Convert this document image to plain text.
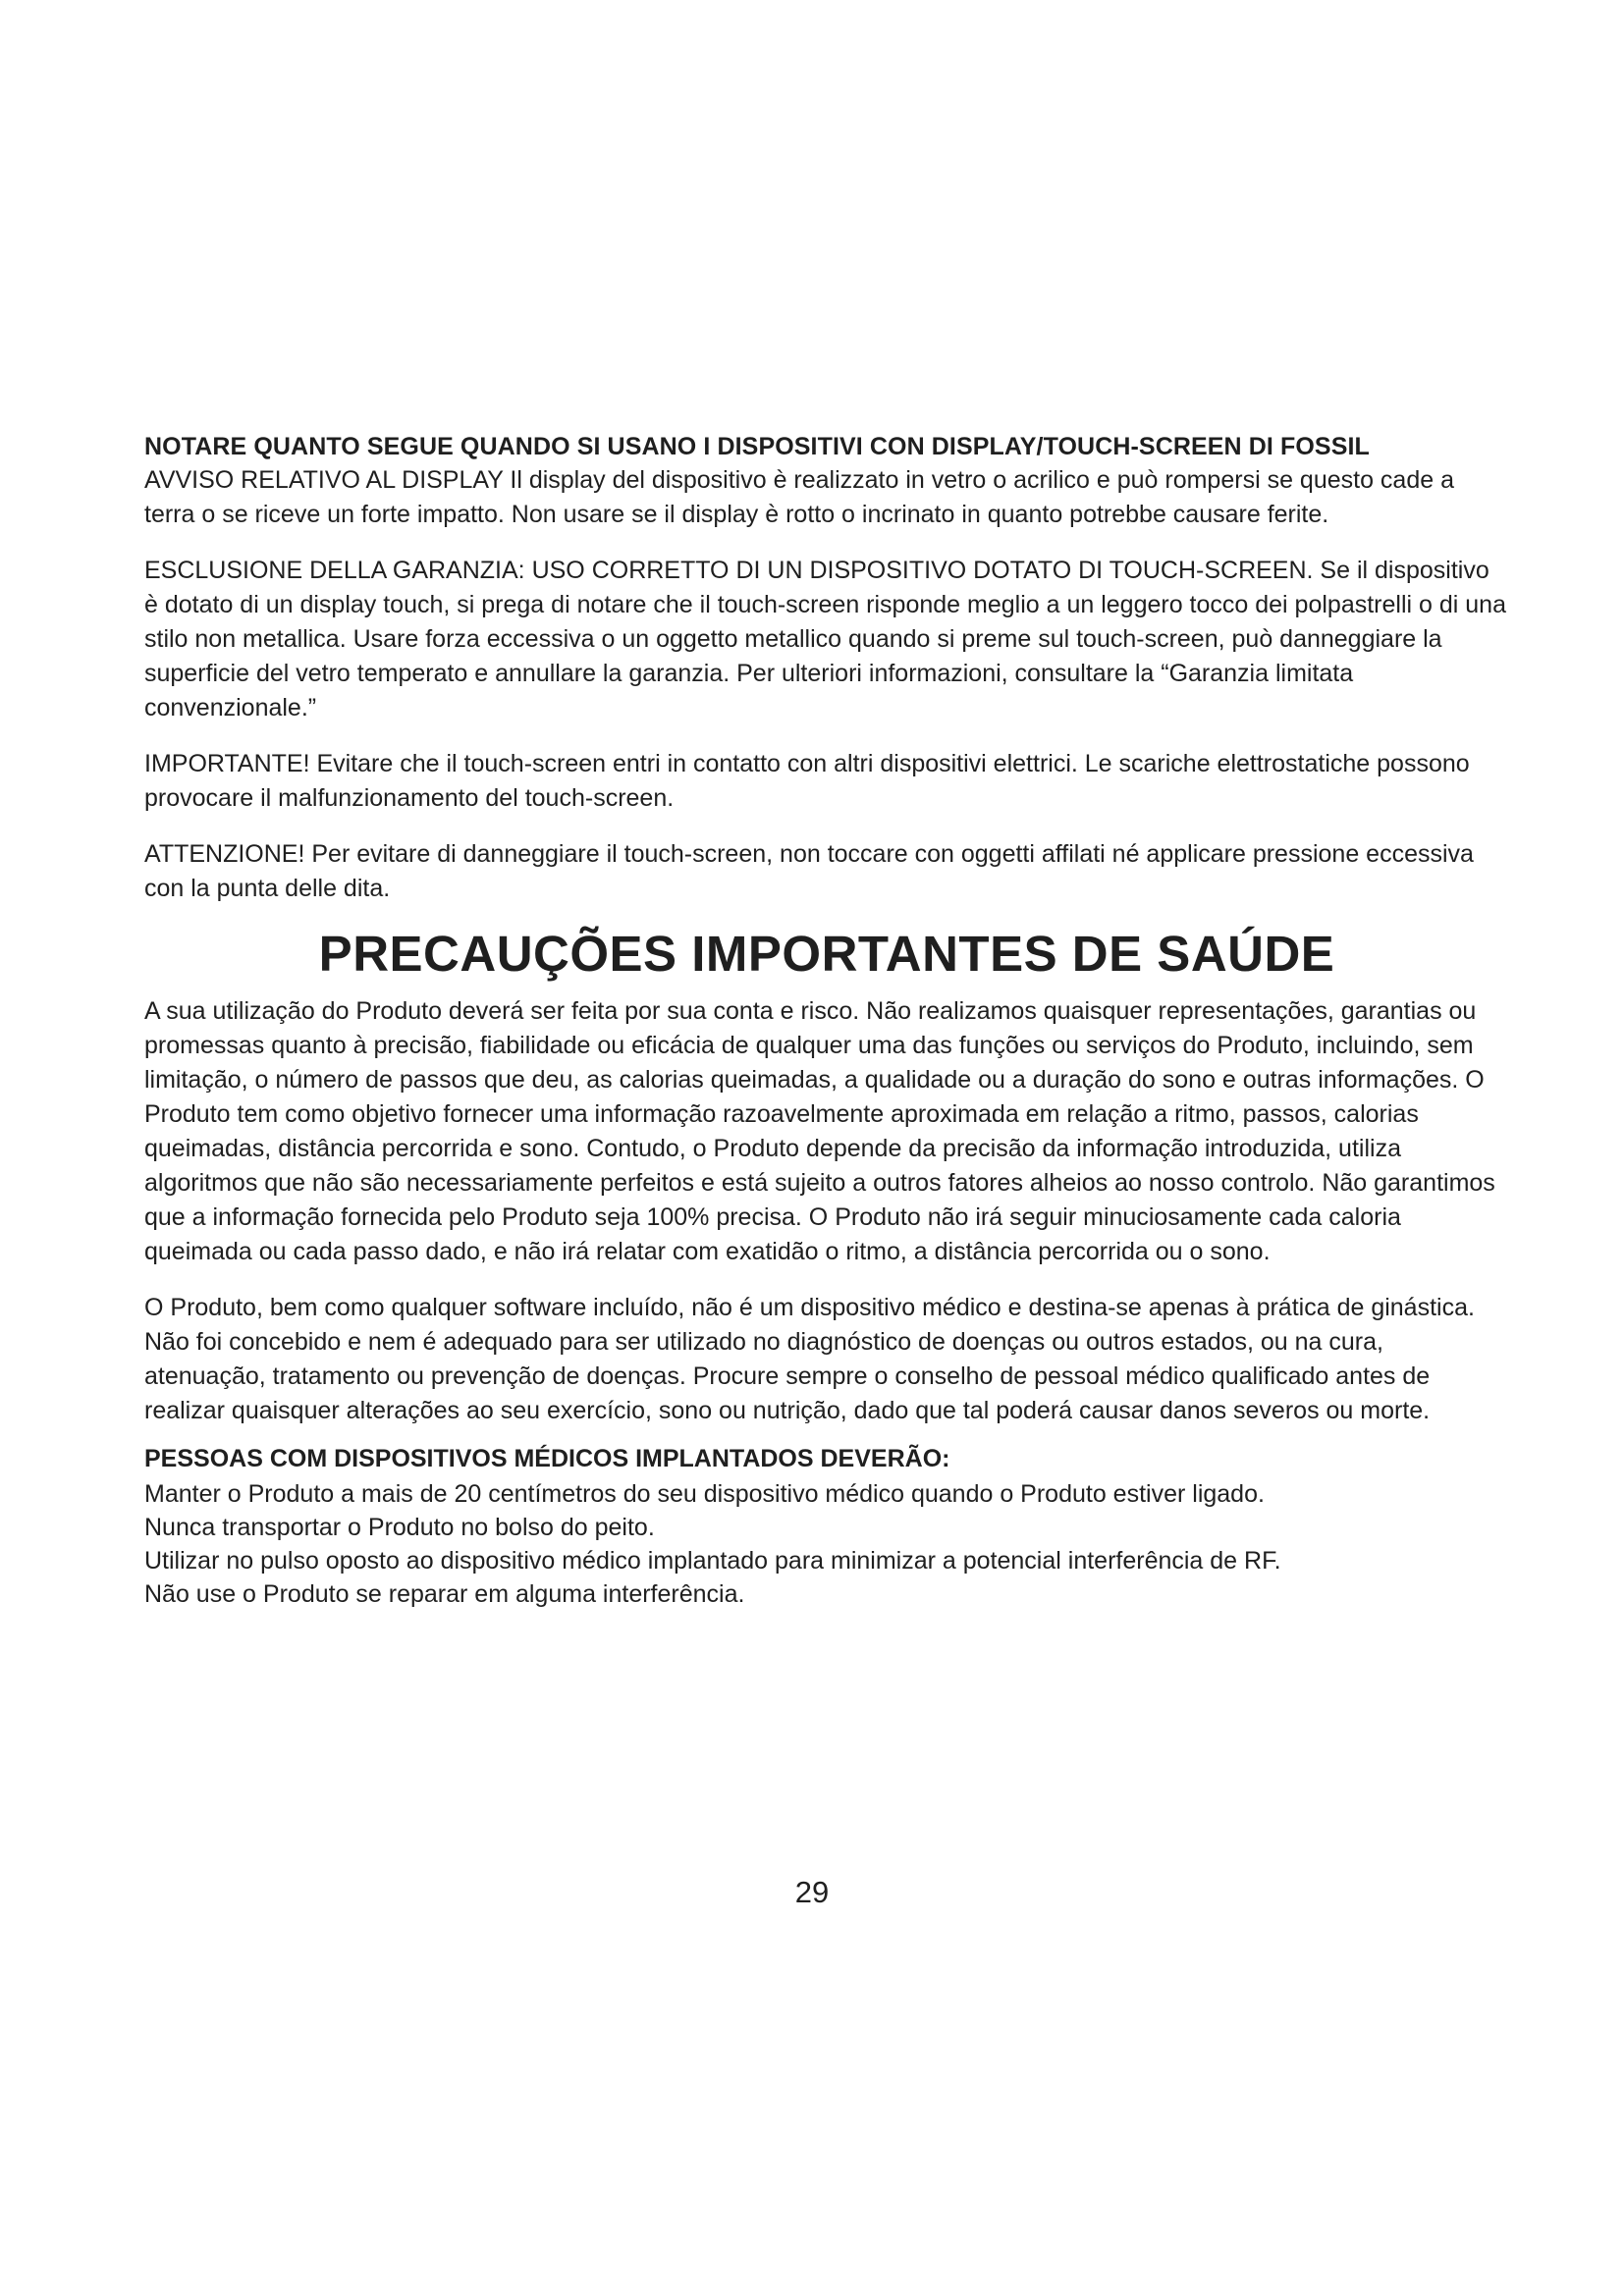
NOTARE QUANTO SEGUE QUANDO SI USANO I DISPOSITIVI CON DISPLAY/TOUCH-SCREEN DI FOSSIL

AVVISO RELATIVO AL DISPLAY Il display del dispositivo è realizzato in vetro o acrilico e può rompersi se questo cade a terra o se riceve un forte impatto. Non usare se il display è rotto o incrinato in quanto potrebbe causare ferite.

ESCLUSIONE DELLA GARANZIA: USO CORRETTO DI UN DISPOSITIVO DOTATO DI TOUCH-SCREEN. Se il dispositivo è dotato di un display touch, si prega di notare che il touch-screen risponde meglio a un leggero tocco dei polpastrelli o di una stilo non metallica. Usare forza eccessiva o un oggetto metallico quando si preme sul touch-screen, può danneggiare la superficie del vetro temperato e annullare la garanzia. Per ulteriori informazioni, consultare la “Garanzia limitata convenzionale.”

IMPORTANTE! Evitare che il touch-screen entri in contatto con altri dispositivi elettrici. Le scariche elettrostatiche possono provocare il malfunzionamento del touch-screen.

ATTENZIONE! Per evitare di danneggiare il touch-screen, non toccare con oggetti affilati né applicare pressione eccessiva con la punta delle dita.

PRECAUÇÕES IMPORTANTES DE SAÚDE

A sua utilização do Produto deverá ser feita por sua conta e risco. Não realizamos quaisquer representações, garantias ou promessas quanto à precisão, fiabilidade ou eficácia de qualquer uma das funções ou serviços do Produto, incluindo, sem limitação, o número de passos que deu, as calorias queimadas, a qualidade ou a duração do sono e outras informações. O Produto tem como objetivo fornecer uma informação razoavelmente aproximada em relação a ritmo, passos, calorias queimadas, distância percorrida e sono. Contudo, o Produto depende da precisão da informação introduzida, utiliza algoritmos que não são necessariamente perfeitos e está sujeito a outros fatores alheios ao nosso controlo. Não garantimos que a informação fornecida pelo Produto seja 100% precisa. O Produto não irá seguir minuciosamente cada caloria queimada ou cada passo dado, e não irá relatar com exatidão o ritmo, a distância percorrida ou o sono.

O Produto, bem como qualquer software incluído, não é um dispositivo médico e destina-se apenas à prática de ginástica. Não foi concebido e nem é adequado para ser utilizado no diagnóstico de doenças ou outros estados, ou na cura, atenuação, tratamento ou prevenção de doenças. Procure sempre o conselho de pessoal médico qualificado antes de realizar quaisquer alterações ao seu exercício, sono ou nutrição, dado que tal poderá causar danos severos ou morte.

PESSOAS COM DISPOSITIVOS MÉDICOS IMPLANTADOS DEVERÃO:

Manter o Produto a mais de 20 centímetros do seu dispositivo médico quando o Produto estiver ligado.
Nunca transportar o Produto no bolso do peito.
Utilizar no pulso oposto ao dispositivo médico implantado para minimizar a potencial interferência de RF.
Não use o Produto se reparar em alguma interferência.
29
